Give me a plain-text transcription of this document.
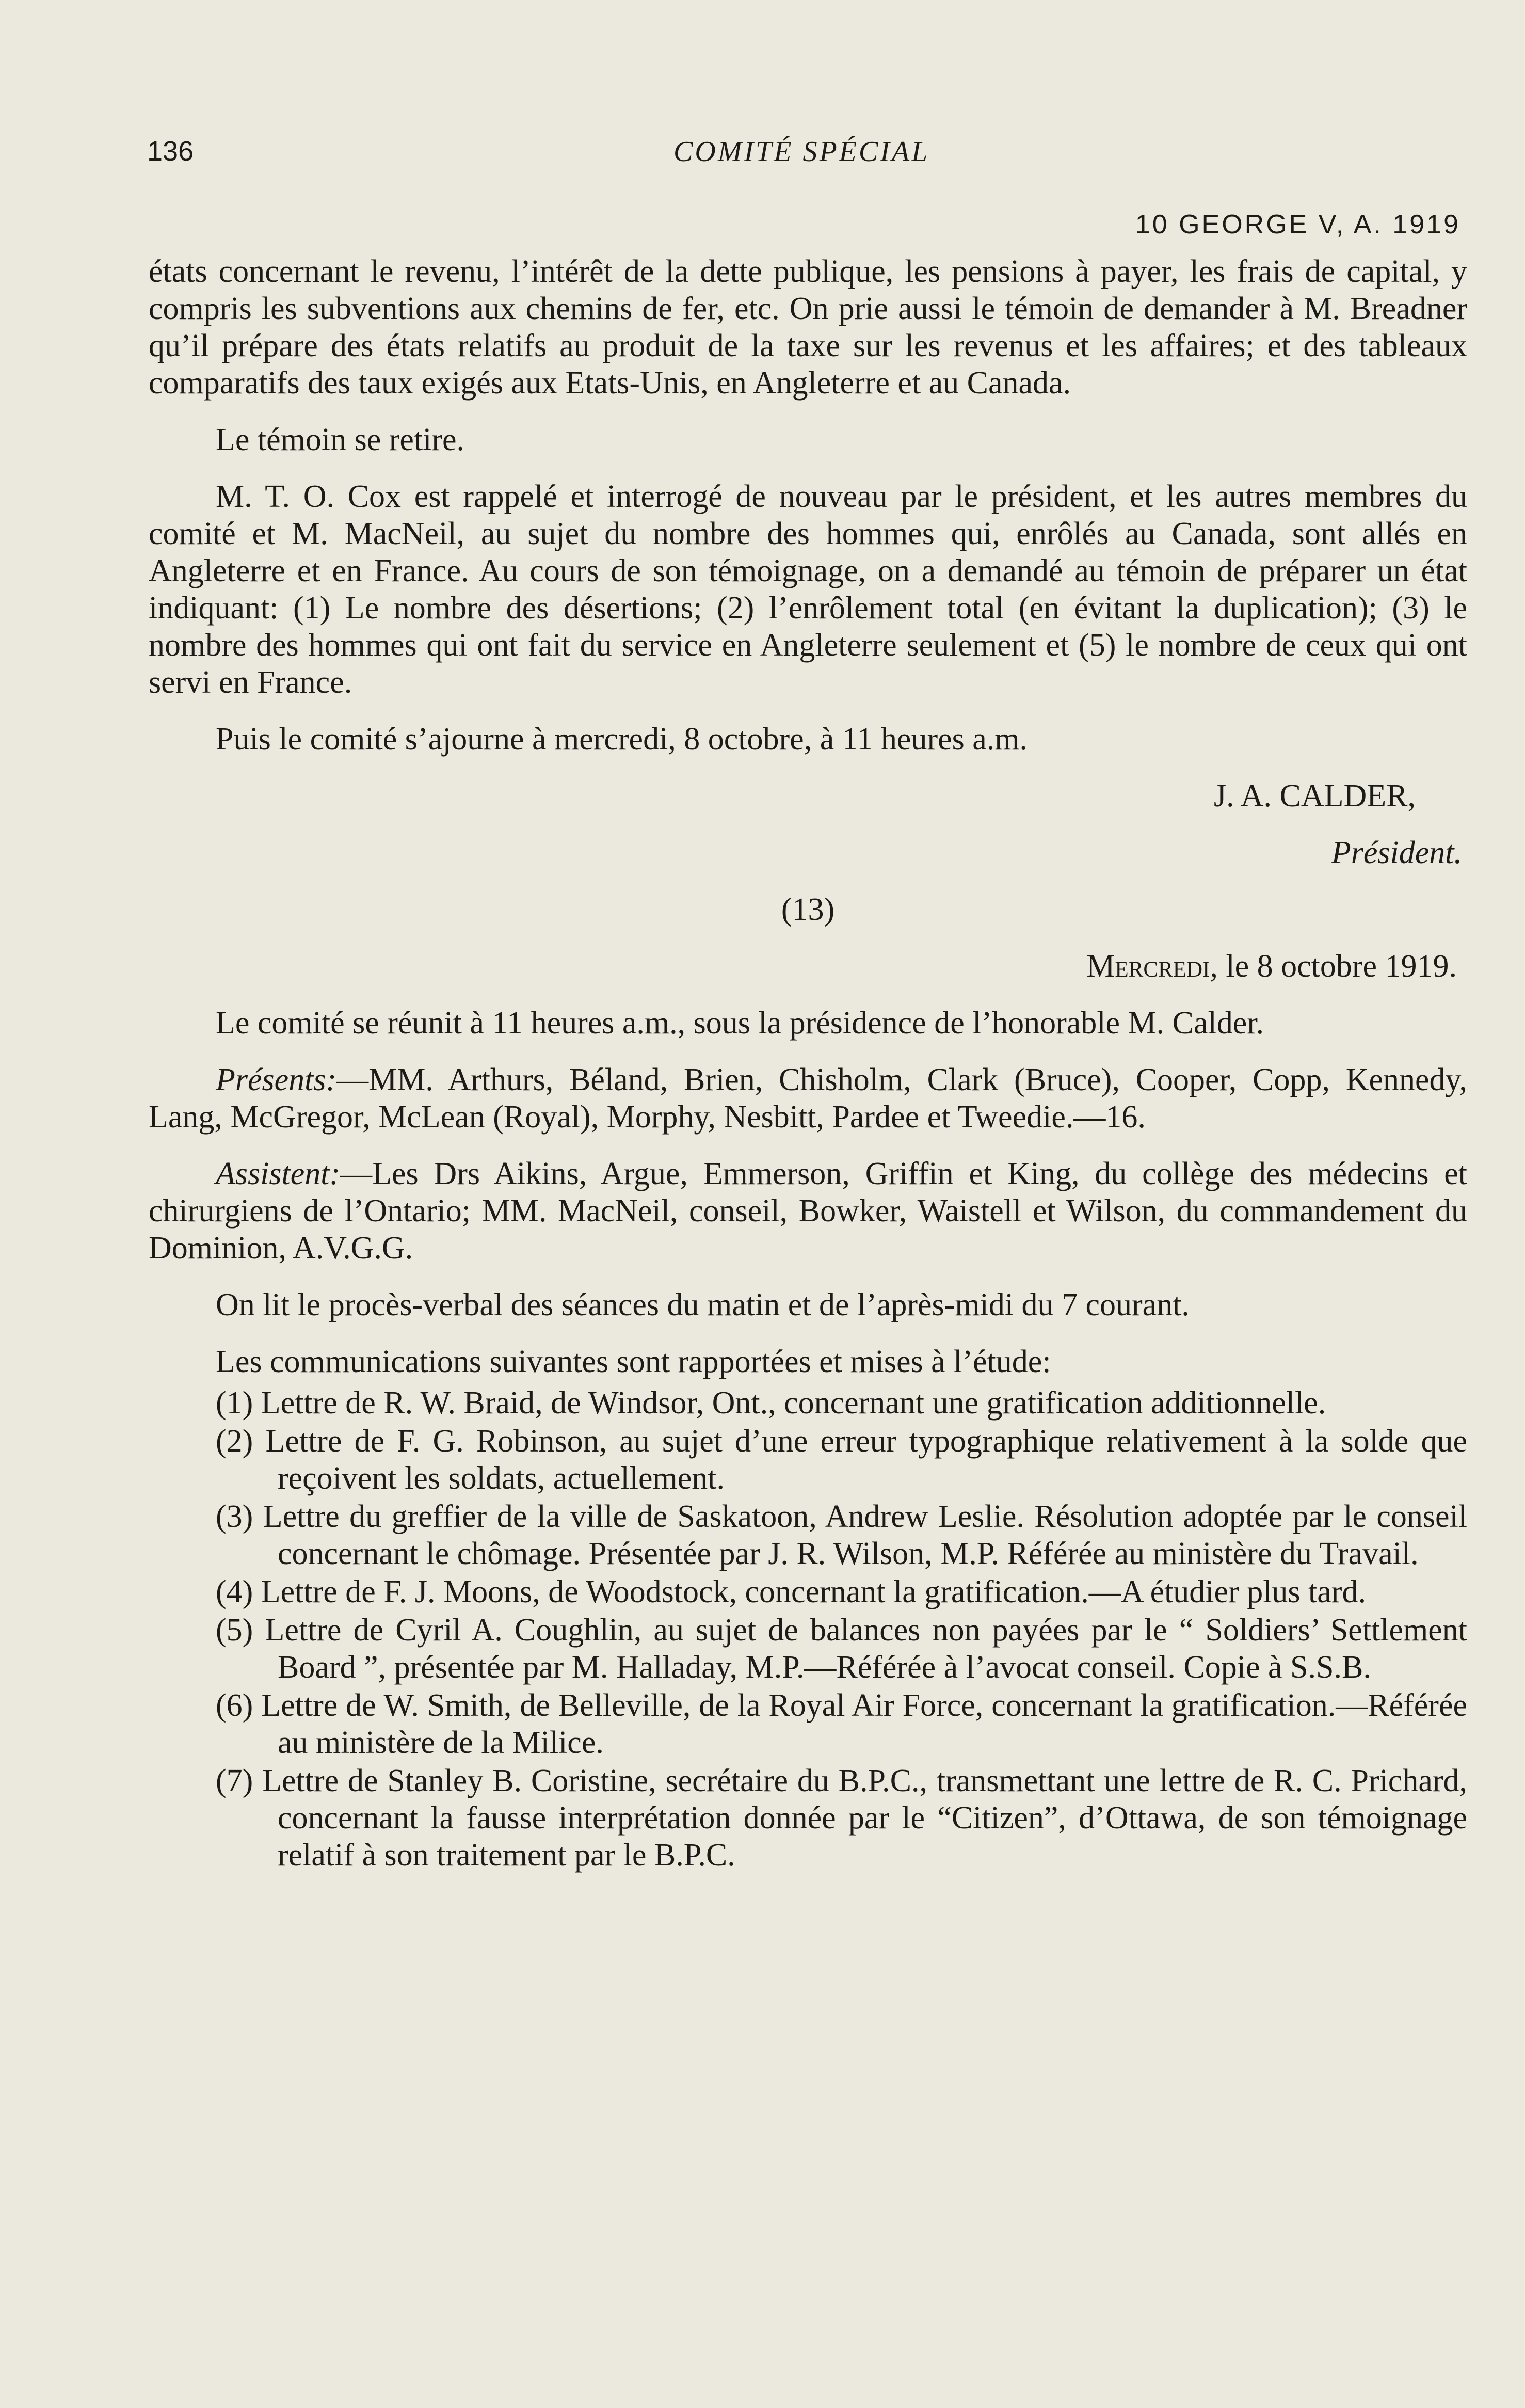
136	COMITÉ SPÉCIAL
10 GEORGE V, A. 1919

états concernant le revenu, l’intérêt de la dette publique, les pensions à payer, les frais de capital, y compris les subventions aux chemins de fer, etc. On prie aussi le témoin de demander à M. Breadner qu’il prépare des états relatifs au produit de la taxe sur les revenus et les affaires; et des tableaux comparatifs des taux exigés aux Etats-Unis, en Angleterre et au Canada.

Le témoin se retire.

M. T. O. Cox est rappelé et interrogé de nouveau par le président, et les autres membres du comité et M. MacNeil, au sujet du nombre des hommes qui, enrôlés au Canada, sont allés en Angleterre et en France. Au cours de son témoignage, on a demandé au témoin de préparer un état indiquant: (1) Le nombre des désertions; (2) l’enrôlement total (en évitant la duplication); (3) le nombre des hommes qui ont fait du service en Angleterre seulement et (5) le nombre de ceux qui ont servi en France.

Puis le comité s’ajourne à mercredi, 8 octobre, à 11 heures a.m.

J. A. CALDER,

Président.

(13)

Mercredi, le 8 octobre 1919.

Le comité se réunit à 11 heures a.m., sous la présidence de l’honorable M. Calder.

Présents:—MM. Arthurs, Béland, Brien, Chisholm, Clark (Bruce), Cooper, Copp, Kennedy, Lang, McGregor, McLean (Royal), Morphy, Nesbitt, Pardee et Tweedie.—16.

Assistent:—Les Drs Aikins, Argue, Emmerson, Griffin et King, du collège des médecins et chirurgiens de l’Ontario; MM. MacNeil, conseil, Bowker, Waistell et Wilson, du commandement du Dominion, A.V.G.G.

On lit le procès-verbal des séances du matin et de l’après-midi du 7 courant.

Les communications suivantes sont rapportées et mises à l’étude:

(1) Lettre de R. W. Braid, de Windsor, Ont., concernant une gratification additionnelle.
(2) Lettre de F. G. Robinson, au sujet d’une erreur typographique relativement à la solde que reçoivent les soldats, actuellement.
(3) Lettre du greffier de la ville de Saskatoon, Andrew Leslie. Résolution adoptée par le conseil concernant le chômage. Présentée par J. R. Wilson, M.P. Référée au ministère du Travail.
(4) Lettre de F. J. Moons, de Woodstock, concernant la gratification.—A étudier plus tard.
(5) Lettre de Cyril A. Coughlin, au sujet de balances non payées par le “ Soldiers’ Settlement Board ”, présentée par M. Halladay, M.P.—Référée à l’avocat conseil. Copie à S.S.B.
(6) Lettre de W. Smith, de Belleville, de la Royal Air Force, concernant la gratification.—Référée au ministère de la Milice.
(7) Lettre de Stanley B. Coristine, secrétaire du B.P.C., transmettant une lettre de R. C. Prichard, concernant la fausse interprétation donnée par le “Citizen”, d’Ottawa, de son témoignage relatif à son traitement par le B.P.C.
